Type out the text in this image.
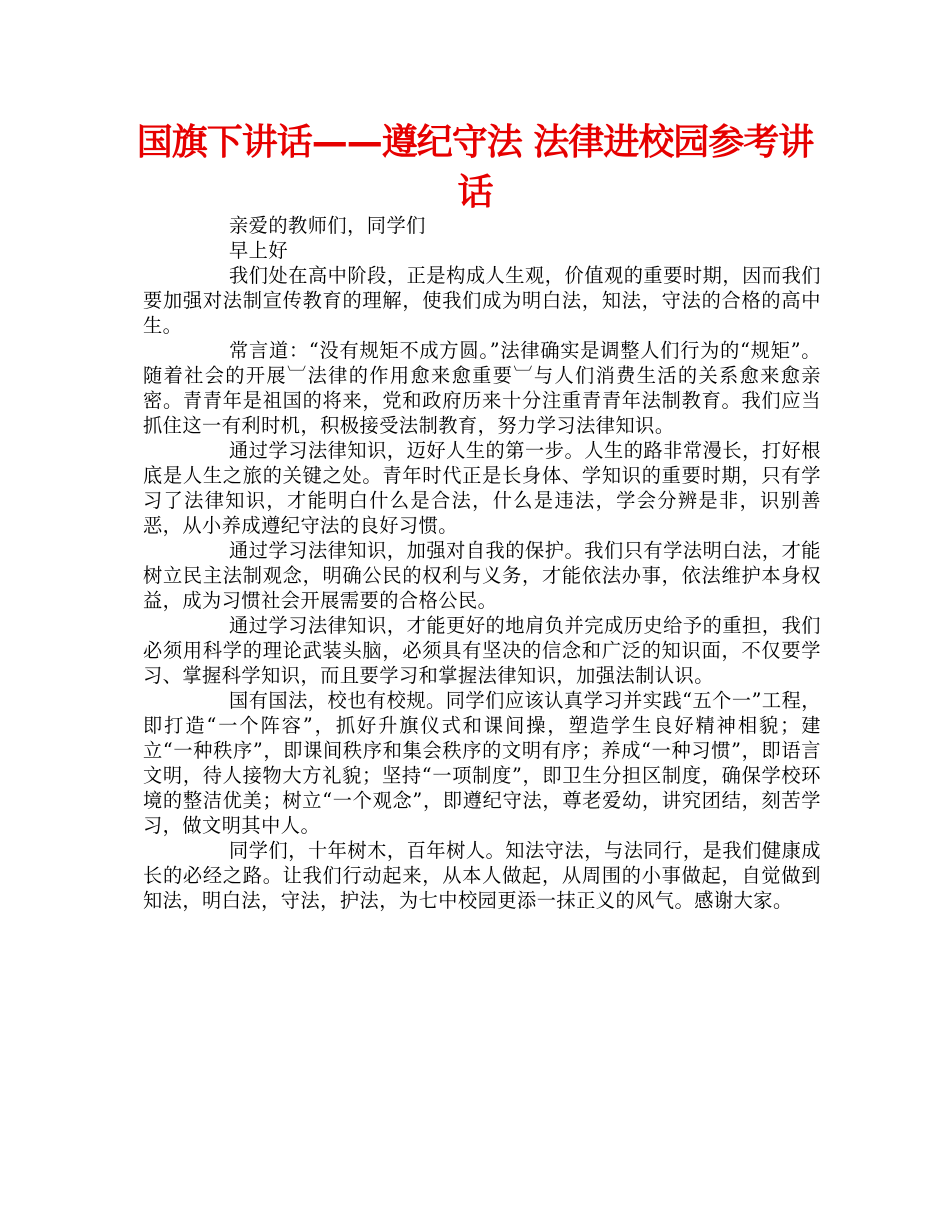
国旗下讲话——遵纪守法 法律进校园参考讲话

亲爱的教师们，同学们

早上好

我们处在高中阶段，正是构成人生观，价值观的重要时期，因而我们要加强对法制宣传教育的理解，使我们成为明白法，知法，守法的合格的高中生。

常言道：“没有规矩不成方圆。”法律确实是调整人们行为的“规矩”。随着社会的开展︺法律的作用愈来愈重要︺与人们消费生活的关系愈来愈亲密。青青年是祖国的将来，党和政府历来十分注重青青年法制教育。我们应当抓住这一有利时机，积极接受法制教育，努力学习法律知识。

通过学习法律知识，迈好人生的第一步。人生的路非常漫长，打好根底是人生之旅的关键之处。青年时代正是长身体、学知识的重要时期，只有学习了法律知识，才能明白什么是合法，什么是违法，学会分辨是非，识别善恶，从小养成遵纪守法的良好习惯。

通过学习法律知识，加强对自我的保护。我们只有学法明白法，才能树立民主法制观念，明确公民的权利与义务，才能依法办事，依法维护本身权益，成为习惯社会开展需要的合格公民。

通过学习法律知识，才能更好的地肩负并完成历史给予的重担，我们必须用科学的理论武装头脑，必须具有坚决的信念和广泛的知识面，不仅要学习、掌握科学知识，而且要学习和掌握法律知识，加强法制认识。

国有国法，校也有校规。同学们应该认真学习并实践“五个一”工程，即打造“一个阵容”，抓好升旗仪式和课间操，塑造学生良好精神相貌；建立“一种秩序”，即课间秩序和集会秩序的文明有序；养成“一种习惯”，即语言文明，待人接物大方礼貌；坚持“一项制度”，即卫生分担区制度，确保学校环境的整洁优美；树立“一个观念”，即遵纪守法，尊老爱幼，讲究团结，刻苦学习，做文明其中人。

同学们，十年树木，百年树人。知法守法，与法同行，是我们健康成长的必经之路。让我们行动起来，从本人做起，从周围的小事做起，自觉做到知法，明白法，守法，护法，为七中校园更添一抹正义的风气。感谢大家。
